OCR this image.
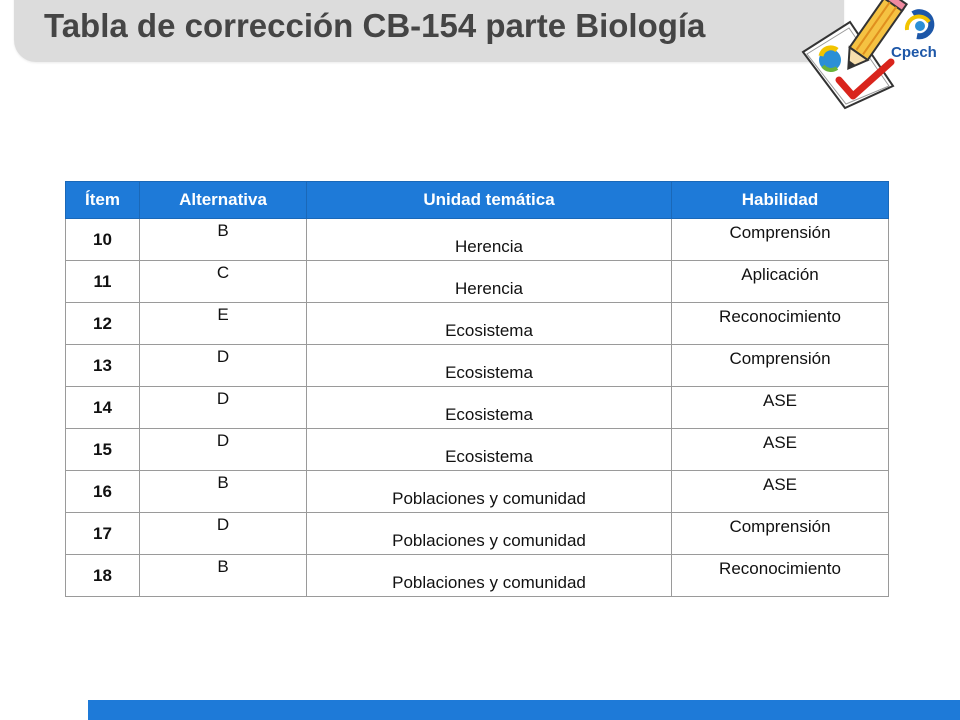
Tabla de corrección CB-154 parte Biología
Cpech
Ítem	Alternativa	Unidad temática	Habilidad
10	B	Herencia	Comprensión
11	C	Herencia	Aplicación
12	E	Ecosistema	Reconocimiento
13	D	Ecosistema	Comprensión
14	D	Ecosistema	ASE
15	D	Ecosistema	ASE
16	B	Poblaciones y comunidad	ASE
17	D	Poblaciones y comunidad	Comprensión
18	B	Poblaciones y comunidad	Reconocimiento
